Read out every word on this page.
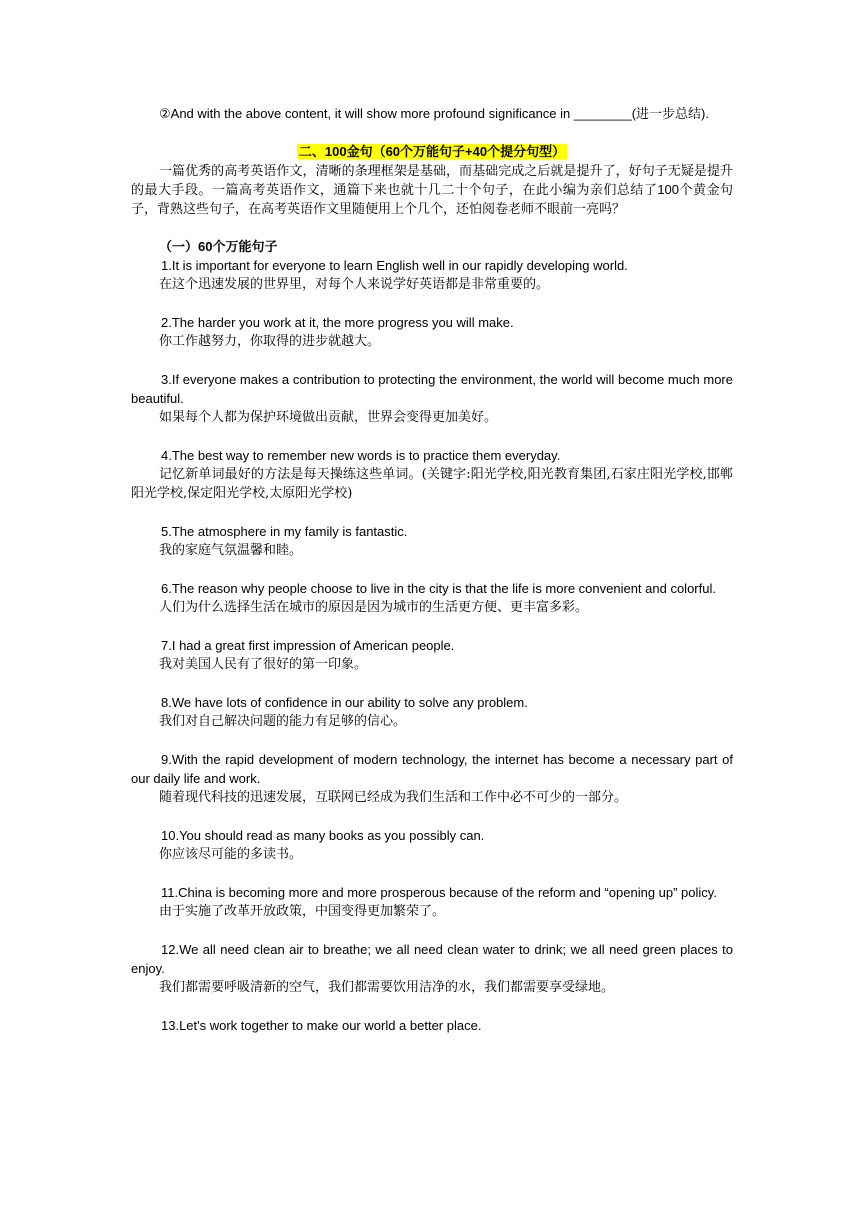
②And with the above content, it will show more profound significance in ________(进一步总结).

二、100金句（60个万能句子+40个提分句型）

一篇优秀的高考英语作文，清晰的条理框架是基础，而基础完成之后就是提升了，好句子无疑是提升的最大手段。一篇高考英语作文，通篇下来也就十几二十个句子，在此小编为亲们总结了100个黄金句子，背熟这些句子，在高考英语作文里随便用上个几个，还怕阅卷老师不眼前一亮吗？

（一）60个万能句子

1.It is important for everyone to learn English well in our rapidly developing world.

在这个迅速发展的世界里，对每个人来说学好英语都是非常重要的。

2.The harder you work at it, the more progress you will make.

你工作越努力，你取得的进步就越大。

3.If everyone makes a contribution to protecting the environment, the world will become much more beautiful.

如果每个人都为保护环境做出贡献，世界会变得更加美好。

4.The best way to remember new words is to practice them everyday.

记忆新单词最好的方法是每天操练这些单词。(关键字:阳光学校,阳光教育集团,石家庄阳光学校,邯郸阳光学校,保定阳光学校,太原阳光学校)

5.The atmosphere in my family is fantastic.

我的家庭气氛温馨和睦。

6.The reason why people choose to live in the city is that the life is more convenient and colorful.

人们为什么选择生活在城市的原因是因为城市的生活更方便、更丰富多彩。

7.I had a great first impression of American people.

我对美国人民有了很好的第一印象。

8.We have lots of confidence in our ability to solve any problem.

我们对自己解决问题的能力有足够的信心。

9.With the rapid development of modern technology, the internet has become a necessary part of our daily life and work.

随着现代科技的迅速发展，互联网已经成为我们生活和工作中必不可少的一部分。

10.You should read as many books as you possibly can.

你应该尽可能的多读书。

11.China is becoming more and more prosperous because of the reform and “opening up” policy.

由于实施了改革开放政策，中国变得更加繁荣了。

12.We all need clean air to breathe; we all need clean water to drink; we all need green places to enjoy.

我们都需要呼吸清新的空气，我们都需要饮用洁净的水，我们都需要享受绿地。

13.Let's work together to make our world a better place.
